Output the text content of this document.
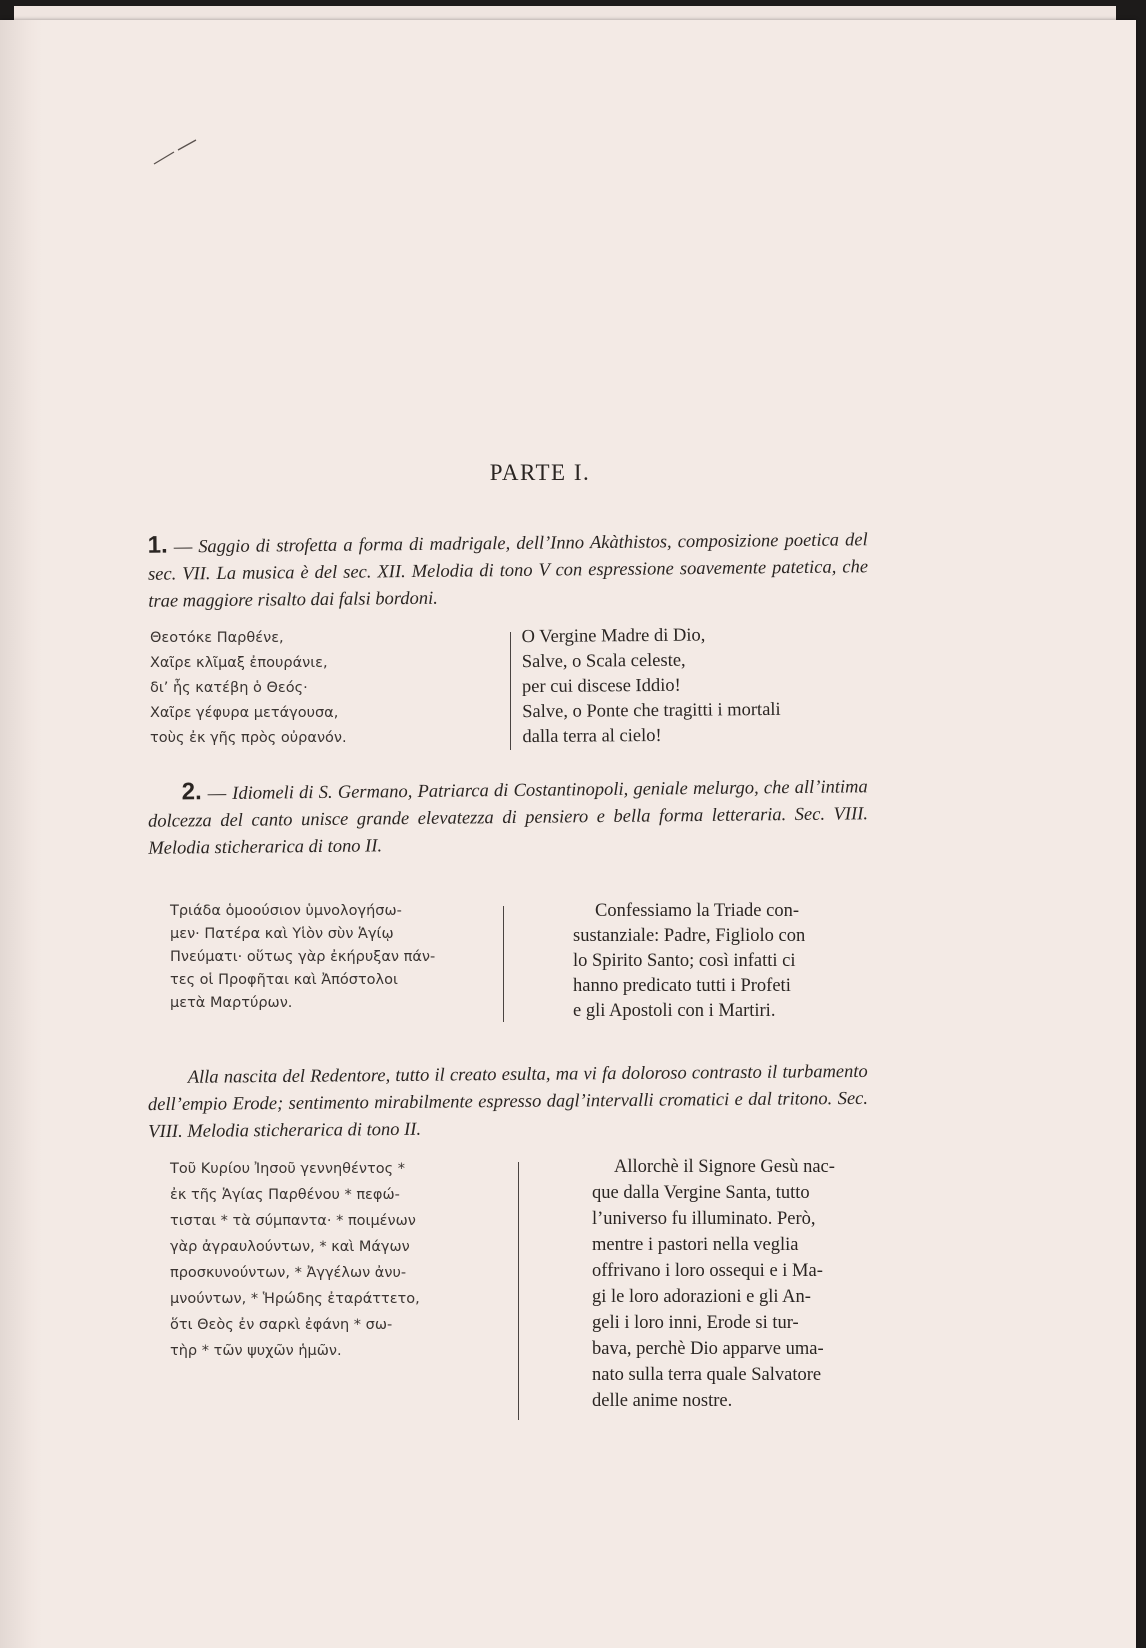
PARTE I.
1. — Saggio di strofetta a forma di madrigale, dell’Inno Akàthistos, composizione poetica del sec. VII. La musica è del sec. XII. Melodia di tono V con espressione soavemente patetica, che trae maggiore risalto dai falsi bordoni.
Θεοτόκε Παρθένε,
Χαῖρε κλῖμαξ ἐπουράνιε,
δι’ ἧς κατέβη ὁ Θεός·
Χαῖρε γέφυρα μετάγουσα,
τοὺς ἐκ γῆς πρὸς οὐρανόν.
O Vergine Madre di Dio,
Salve, o Scala celeste,
per cui discese Iddio!
Salve, o Ponte che tragitti i mortali
dalla terra al cielo!
2. — Idiomeli di S. Germano, Patriarca di Costantinopoli, geniale melurgo, che all’intima dolcezza del canto unisce grande elevatezza di pensiero e bella forma letteraria. Sec. VIII. Melodia sticherarica di tono II.
Τριάδα ὁμοούσιον ὑμνολογήσω-
μεν· Πατέρα καὶ Υἱὸν σὺν Ἁγίῳ
Πνεύματι· οὕτως γὰρ ἐκήρυξαν πάν-
τες οἱ Προφῆται καὶ Ἀπόστολοι
μετὰ Μαρτύρων.
Confessiamo la Triade con-
sustanziale: Padre, Figliolo con
lo Spirito Santo; così infatti ci
hanno predicato tutti i Profeti
e gli Apostoli con i Martiri.
Alla nascita del Redentore, tutto il creato esulta, ma vi fa doloroso contrasto il turbamento dell’empio Erode; sentimento mirabilmente espresso dagl’intervalli cromatici e dal tritono. Sec. VIII. Melodia sticherarica di tono II.
Τοῦ Κυρίου Ἰησοῦ γεννηθέντος *
ἐκ τῆς Ἁγίας Παρθένου * πεφώ-
τισται * τὰ σύμπαντα· * ποιμένων
γὰρ ἀγραυλούντων, * καὶ Μάγων
προσκυνούντων, * Ἀγγέλων ἀνυ-
μνούντων, * Ἡρώδης ἐταράττετο,
ὅτι Θεὸς ἐν σαρκὶ ἐφάνη * σω-
τὴρ * τῶν ψυχῶν ἡμῶν.
Allorchè il Signore Gesù nac-
que dalla Vergine Santa, tutto
l’universo fu illuminato. Però,
mentre i pastori nella veglia
offrivano i loro ossequi e i Ma-
gi le loro adorazioni e gli An-
geli i loro inni, Erode si tur-
bava, perchè Dio apparve uma-
nato sulla terra quale Salvatore
delle anime nostre.
